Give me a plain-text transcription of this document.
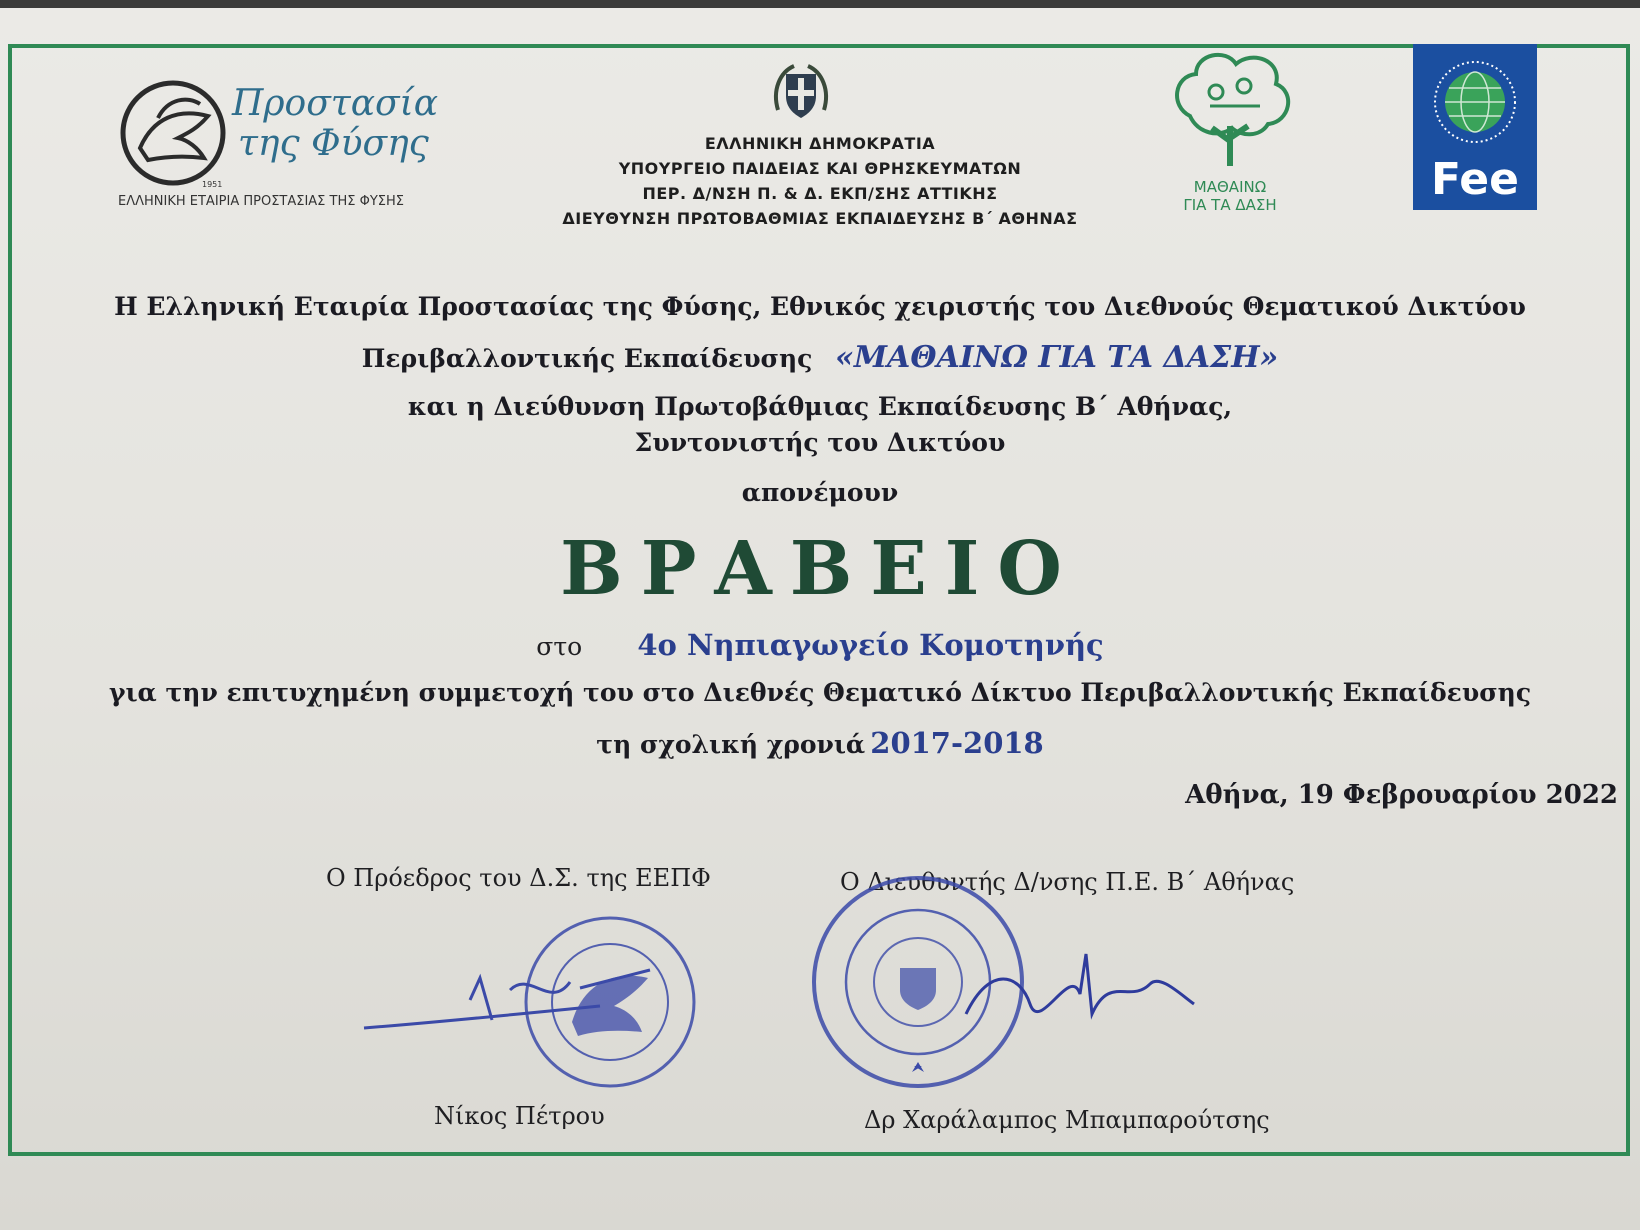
Προστασία
της Φύσης
1951
ΕΛΛΗΝΙΚΗ ΕΤΑΙΡΙΑ ΠΡΟΣΤΑΣΙΑΣ ΤΗΣ ΦΥΣΗΣ
ΕΛΛΗΝΙΚΗ ΔΗΜΟΚΡΑΤΙΑ
ΥΠΟΥΡΓΕΙΟ ΠΑΙΔΕΙΑΣ ΚΑΙ ΘΡΗΣΚΕΥΜΑΤΩΝ
ΠΕΡ. Δ/ΝΣΗ Π. & Δ. ΕΚΠ/ΣΗΣ ΑΤΤΙΚΗΣ
ΔΙΕΥΘΥΝΣΗ ΠΡΩΤΟΒΑΘΜΙΑΣ ΕΚΠΑΙΔΕΥΣΗΣ Β΄ ΑΘΗΝΑΣ
ΜΑΘΑΙΝΩ
ΓΙΑ ΤΑ ΔΑΣΗ	Fee
Η Ελληνική Εταιρία Προστασίας της Φύσης, Εθνικός χειριστής του Διεθνούς Θεματικού Δικτύου
Περιβαλλοντικής Εκπαίδευσης «ΜΑΘΑΙΝΩ ΓΙΑ ΤΑ ΔΑΣΗ»
και η Διεύθυνση Πρωτοβάθμιας Εκπαίδευσης Β΄ Αθήνας,
Συντονιστής του Δικτύου
απονέμουν
ΒΡΑΒΕΙΟ
στο 4ο Νηπιαγωγείο Κομοτηνής
για την επιτυχημένη συμμετοχή του στο Διεθνές Θεματικό Δίκτυο Περιβαλλοντικής Εκπαίδευσης
τη σχολική χρονιά 2017-2018
Αθήνα, 19 Φεβρουαρίου 2022
Ο Πρόεδρος του Δ.Σ. της ΕΕΠΦ	Ο Διευθυντής Δ/νσης Π.Ε. Β΄ Αθήνας
Νίκος Πέτρου	Δρ Χαράλαμπος Μπαμπαρούτσης
